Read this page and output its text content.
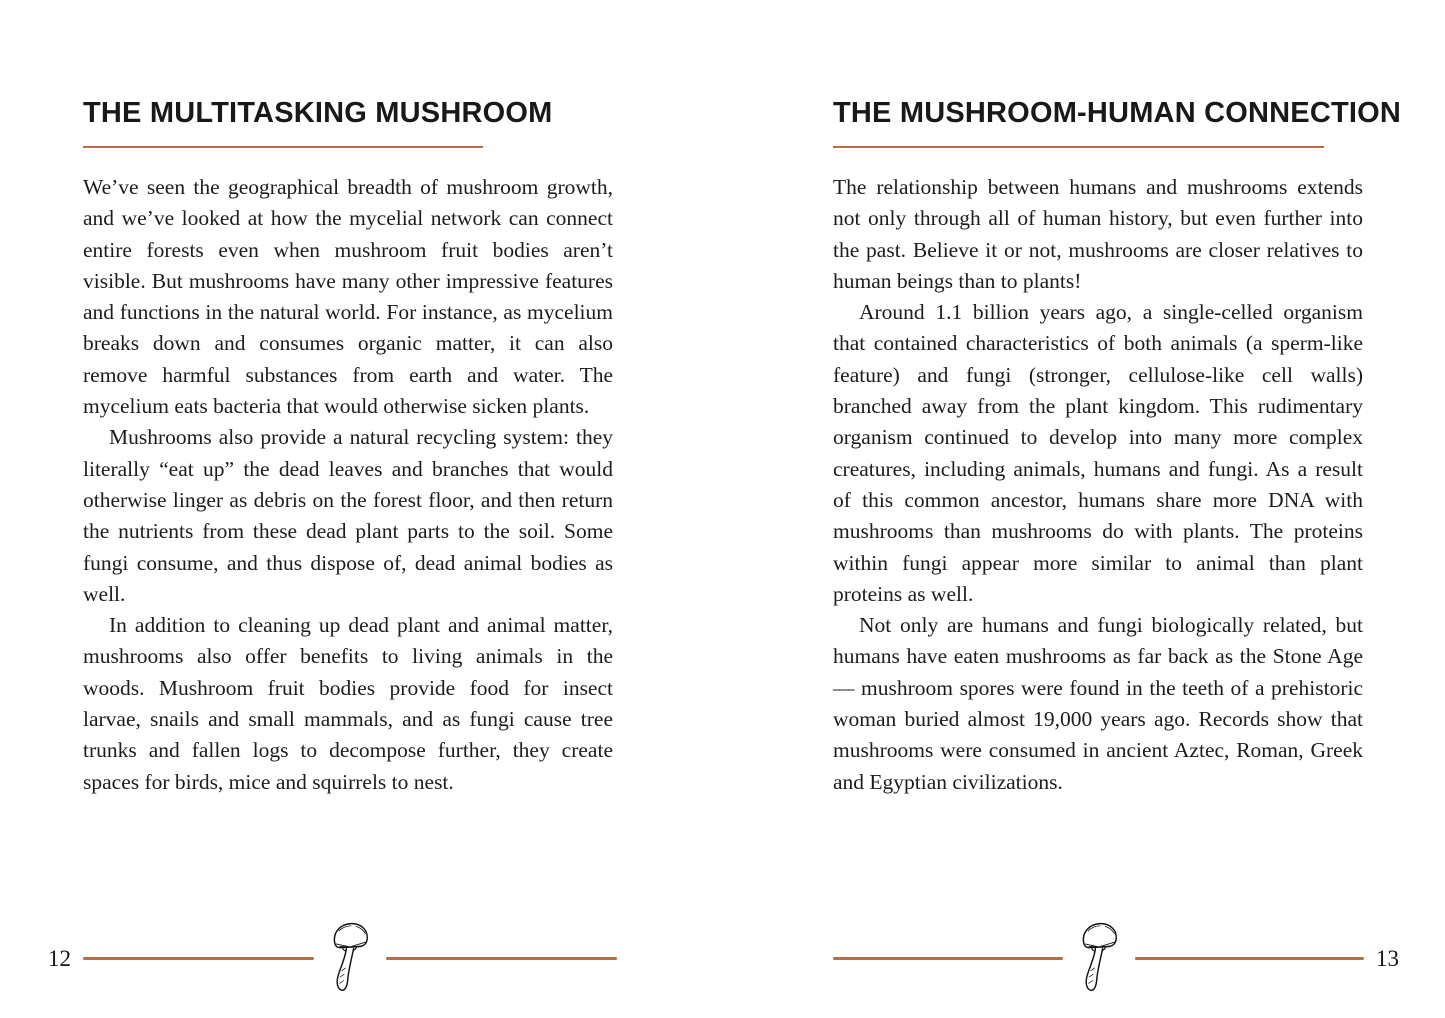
THE MULTITASKING MUSHROOM

We’ve seen the geographical breadth of mushroom growth, and we’ve looked at how the mycelial network can connect entire forests even when mushroom fruit bodies aren’t visible. But mushrooms have many other impressive features and functions in the natural world. For instance, as mycelium breaks down and consumes organic matter, it can also remove harmful substances from earth and water. The mycelium eats bacteria that would otherwise sicken plants.

Mushrooms also provide a natural recycling system: they literally “eat up” the dead leaves and branches that would otherwise linger as debris on the forest floor, and then return the nutrients from these dead plant parts to the soil. Some fungi consume, and thus dispose of, dead animal bodies as well.

In addition to cleaning up dead plant and animal matter, mushrooms also offer benefits to living animals in the woods. Mushroom fruit bodies provide food for insect larvae, snails and small mammals, and as fungi cause tree trunks and fallen logs to decompose further, they create spaces for birds, mice and squirrels to nest.

THE MUSHROOM-HUMAN CONNECTION

The relationship between humans and mushrooms extends not only through all of human history, but even further into the past. Believe it or not, mushrooms are closer relatives to human beings than to plants!

Around 1.1 billion years ago, a single-celled organism that contained characteristics of both animals (a sperm-like feature) and fungi (stronger, cellulose-like cell walls) branched away from the plant kingdom. This rudimentary organism continued to develop into many more complex creatures, including animals, humans and fungi. As a result of this common ancestor, humans share more DNA with mushrooms than mushrooms do with plants. The proteins within fungi appear more similar to animal than plant proteins as well.

Not only are humans and fungi biologically related, but humans have eaten mushrooms as far back as the Stone Age — mushroom spores were found in the teeth of a prehistoric woman buried almost 19,000 years ago. Records show that mushrooms were consumed in ancient Aztec, Roman, Greek and Egyptian civilizations.

12	13
